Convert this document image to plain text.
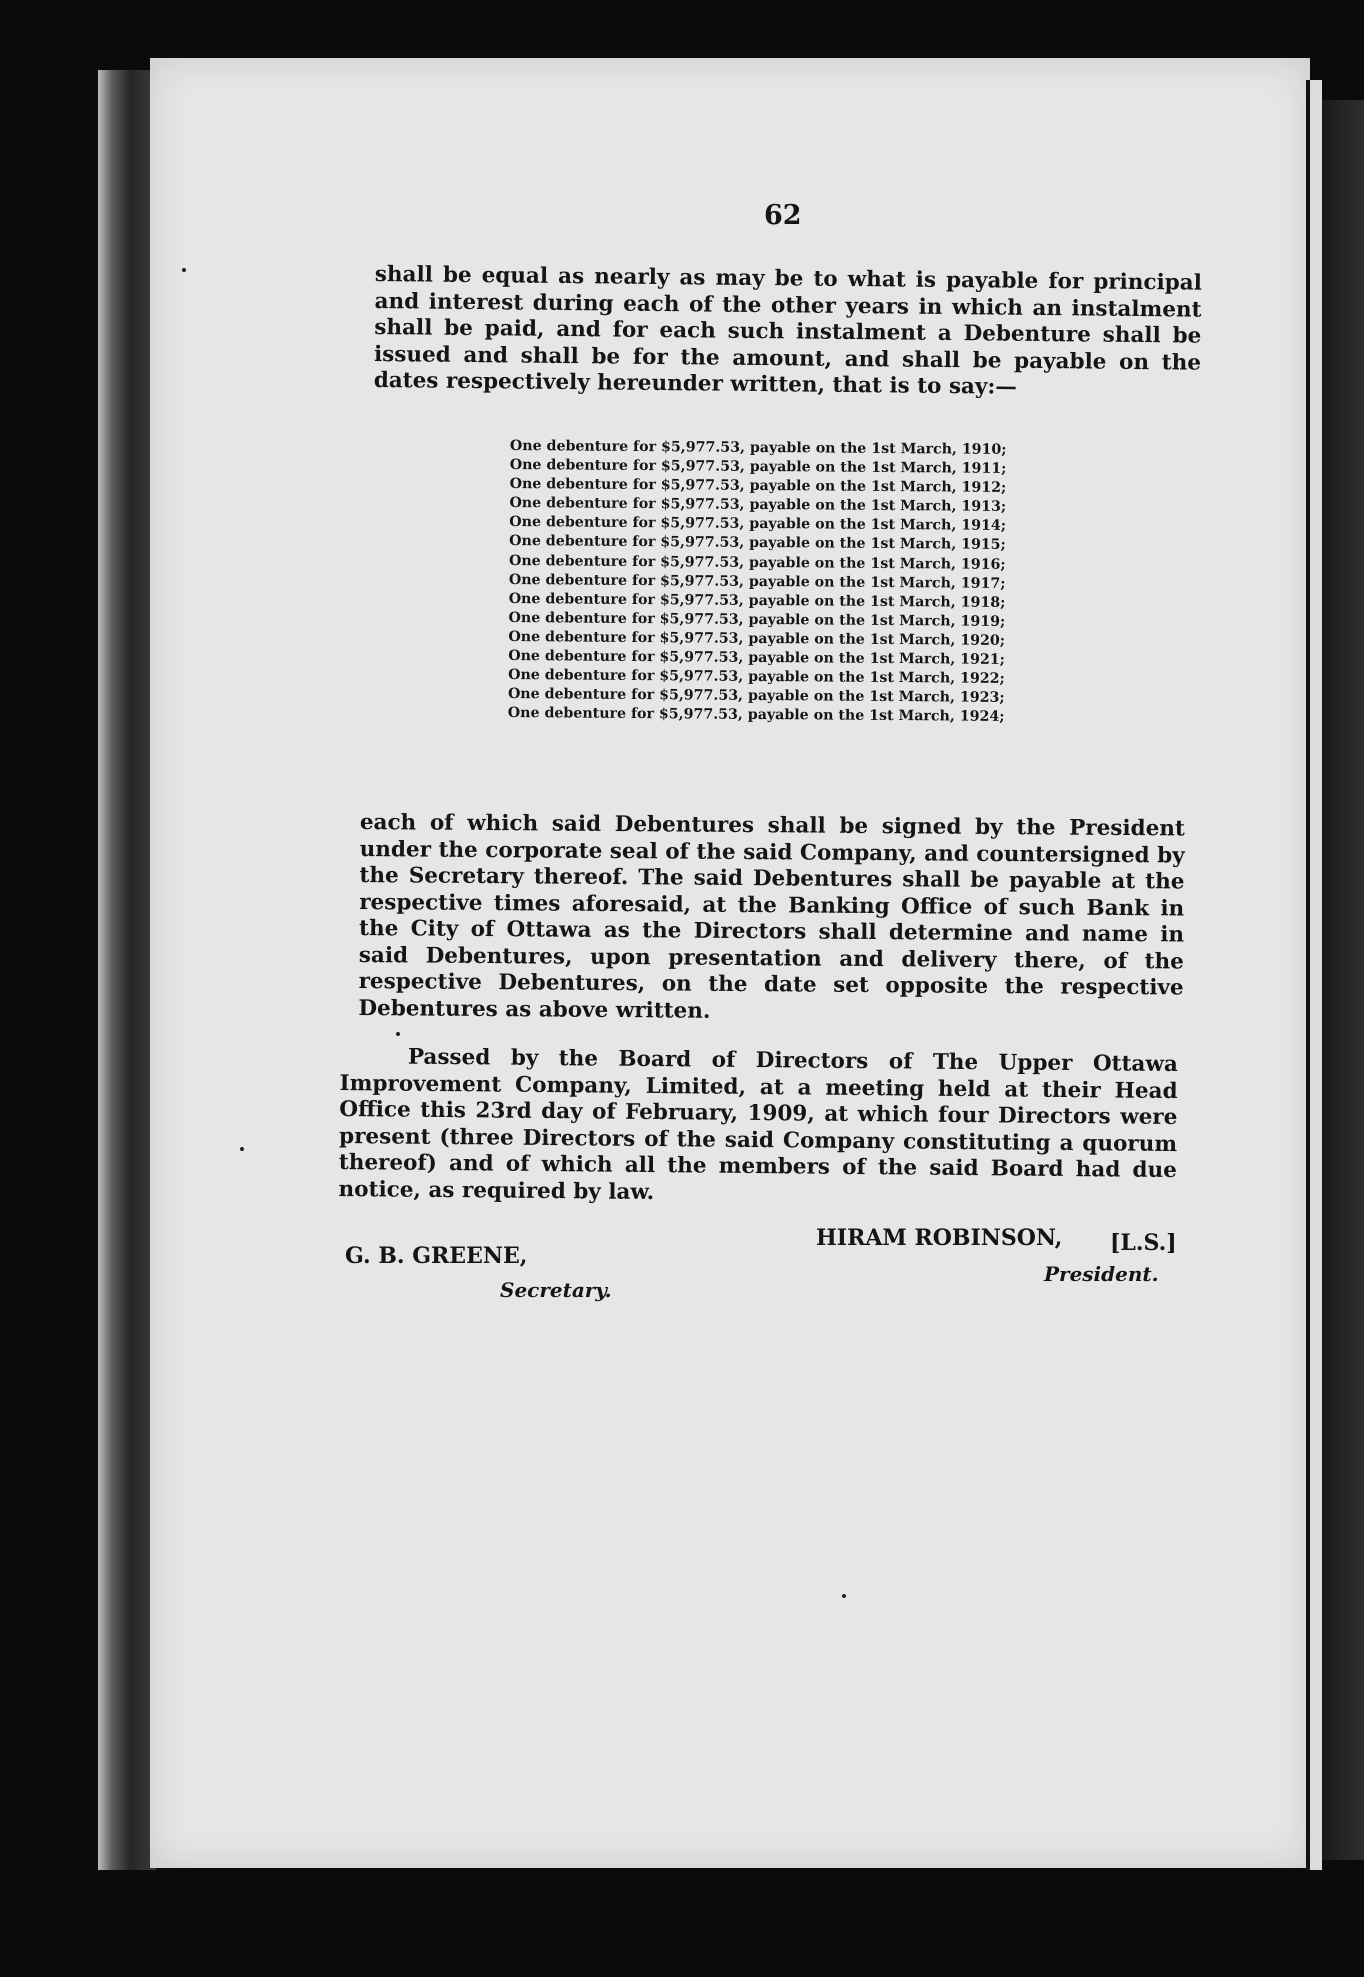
62
shall be equal as nearly as may be to what is payable for principal and interest during each of the other years in which an instalment shall be paid, and for each such instalment a Debenture shall be issued and shall be for the amount, and shall be payable on the dates respectively hereunder written, that is to say:—
One debenture for $5,977.53, payable on the 1st March, 1910;
One debenture for $5,977.53, payable on the 1st March, 1911;
One debenture for $5,977.53, payable on the 1st March, 1912;
One debenture for $5,977.53, payable on the 1st March, 1913;
One debenture for $5,977.53, payable on the 1st March, 1914;
One debenture for $5,977.53, payable on the 1st March, 1915;
One debenture for $5,977.53, payable on the 1st March, 1916;
One debenture for $5,977.53, payable on the 1st March, 1917;
One debenture for $5,977.53, payable on the 1st March, 1918;
One debenture for $5,977.53, payable on the 1st March, 1919;
One debenture for $5,977.53, payable on the 1st March, 1920;
One debenture for $5,977.53, payable on the 1st March, 1921;
One debenture for $5,977.53, payable on the 1st March, 1922;
One debenture for $5,977.53, payable on the 1st March, 1923;
One debenture for $5,977.53, payable on the 1st March, 1924;
each of which said Debentures shall be signed by the President under the corporate seal of the said Company, and countersigned by the Secretary thereof. The said Debentures shall be payable at the respective times aforesaid, at the Banking Office of such Bank in the City of Ottawa as the Directors shall determine and name in said Debentures, upon presentation and delivery there, of the respective Debentures, on the date set opposite the respective Debentures as above written.
Passed by the Board of Directors of The Upper Ottawa Improvement Company, Limited, at a meeting held at their Head Office this 23rd day of February, 1909, at which four Directors were present (three Directors of the said Company constituting a quorum thereof) and of which all the members of the said Board had due notice, as required by law.
HIRAM ROBINSON, [L.S.]
President.
G. B. GREENE,
Secretary.
